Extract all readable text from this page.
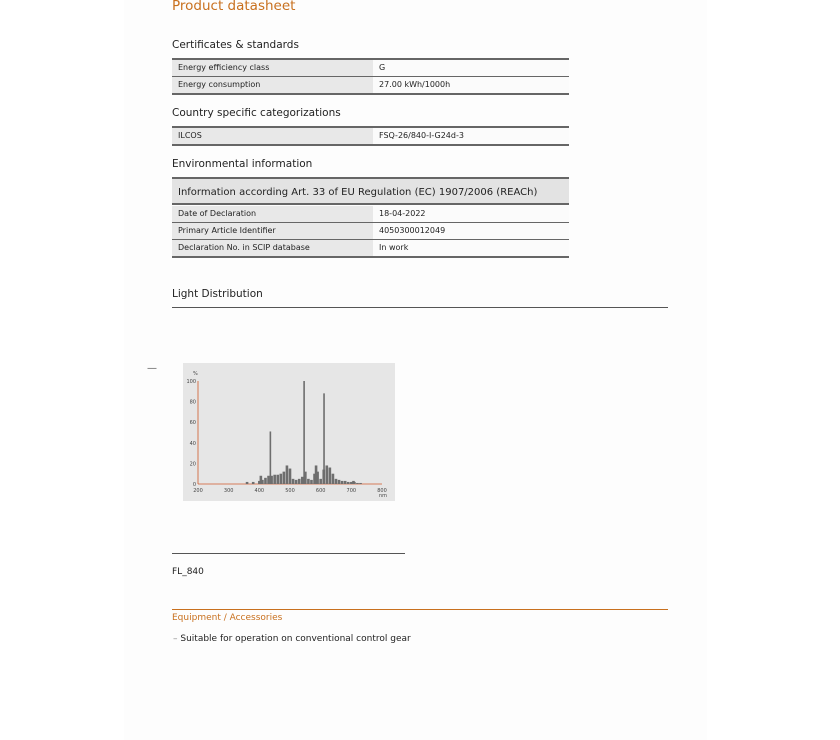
Product datasheet
Certificates & standards
Energy efficiency class	G
Energy consumption	27.00 kWh/1000h
Country specific categorizations
ILCOS	FSQ-26/840-I-G24d-3
Environmental information
Information according Art. 33 of EU Regulation (EC) 1907/2006 (REACh)
Date of Declaration	18-04-2022
Primary Article Identifier	4050300012049
Declaration No. in SCIP database	In work
Light Distribution
—
0
20
40
60
80
100
200	300	400	500	600	700	800
%
nm
FL_840
Equipment / Accessories
– Suitable for operation on conventional control gear
